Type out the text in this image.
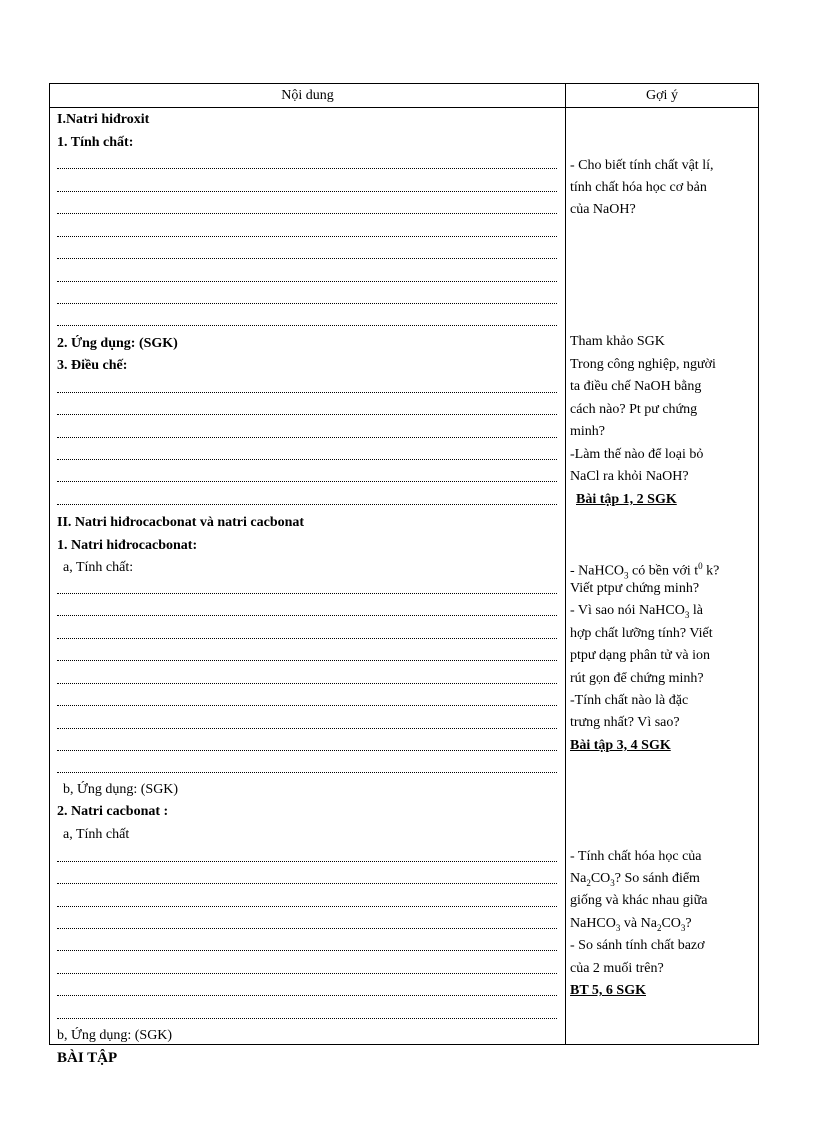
Nội dung	Gợi ý
I.Natri hiđroxit
1. Tính chất:
2. Ứng dụng: (SGK)
3. Điều chế:
II. Natri hiđrocacbonat và natri cacbonat
1. Natri hiđrocacbonat:
a, Tính chất:
b, Ứng dụng: (SGK)
2. Natri cacbonat :
a, Tính chất
b, Ứng dụng: (SGK)
- Cho biết tính chất vật lí,
tính chất hóa học cơ bản
của NaOH?
Tham khảo SGK
Trong công nghiệp, người
ta điều chế NaOH bằng
cách nào? Pt pư chứng
minh?
-Làm thế nào để loại bỏ
NaCl ra khỏi NaOH?
Bài tập 1, 2 SGK
- NaHCO$_3$ có bền với $t^0$ k?
Viết ptpư chứng minh?
- Vì sao nói NaHCO$_3$ là
hợp chất lưỡng tính? Viết
ptpư dạng phân tử và ion
rút gọn để chứng minh?
-Tính chất nào là đặc
trưng nhất? Vì sao?
Bài tập 3, 4 SGK
- Tính chất hóa học của
$Na_2CO_3$? So sánh điểm
giống và khác nhau giữa
NaHCO$_3$ và $Na_2CO_3$?
- So sánh tính chất bazơ
của 2 muối trên?
BT 5, 6 SGK
BÀI TẬP
